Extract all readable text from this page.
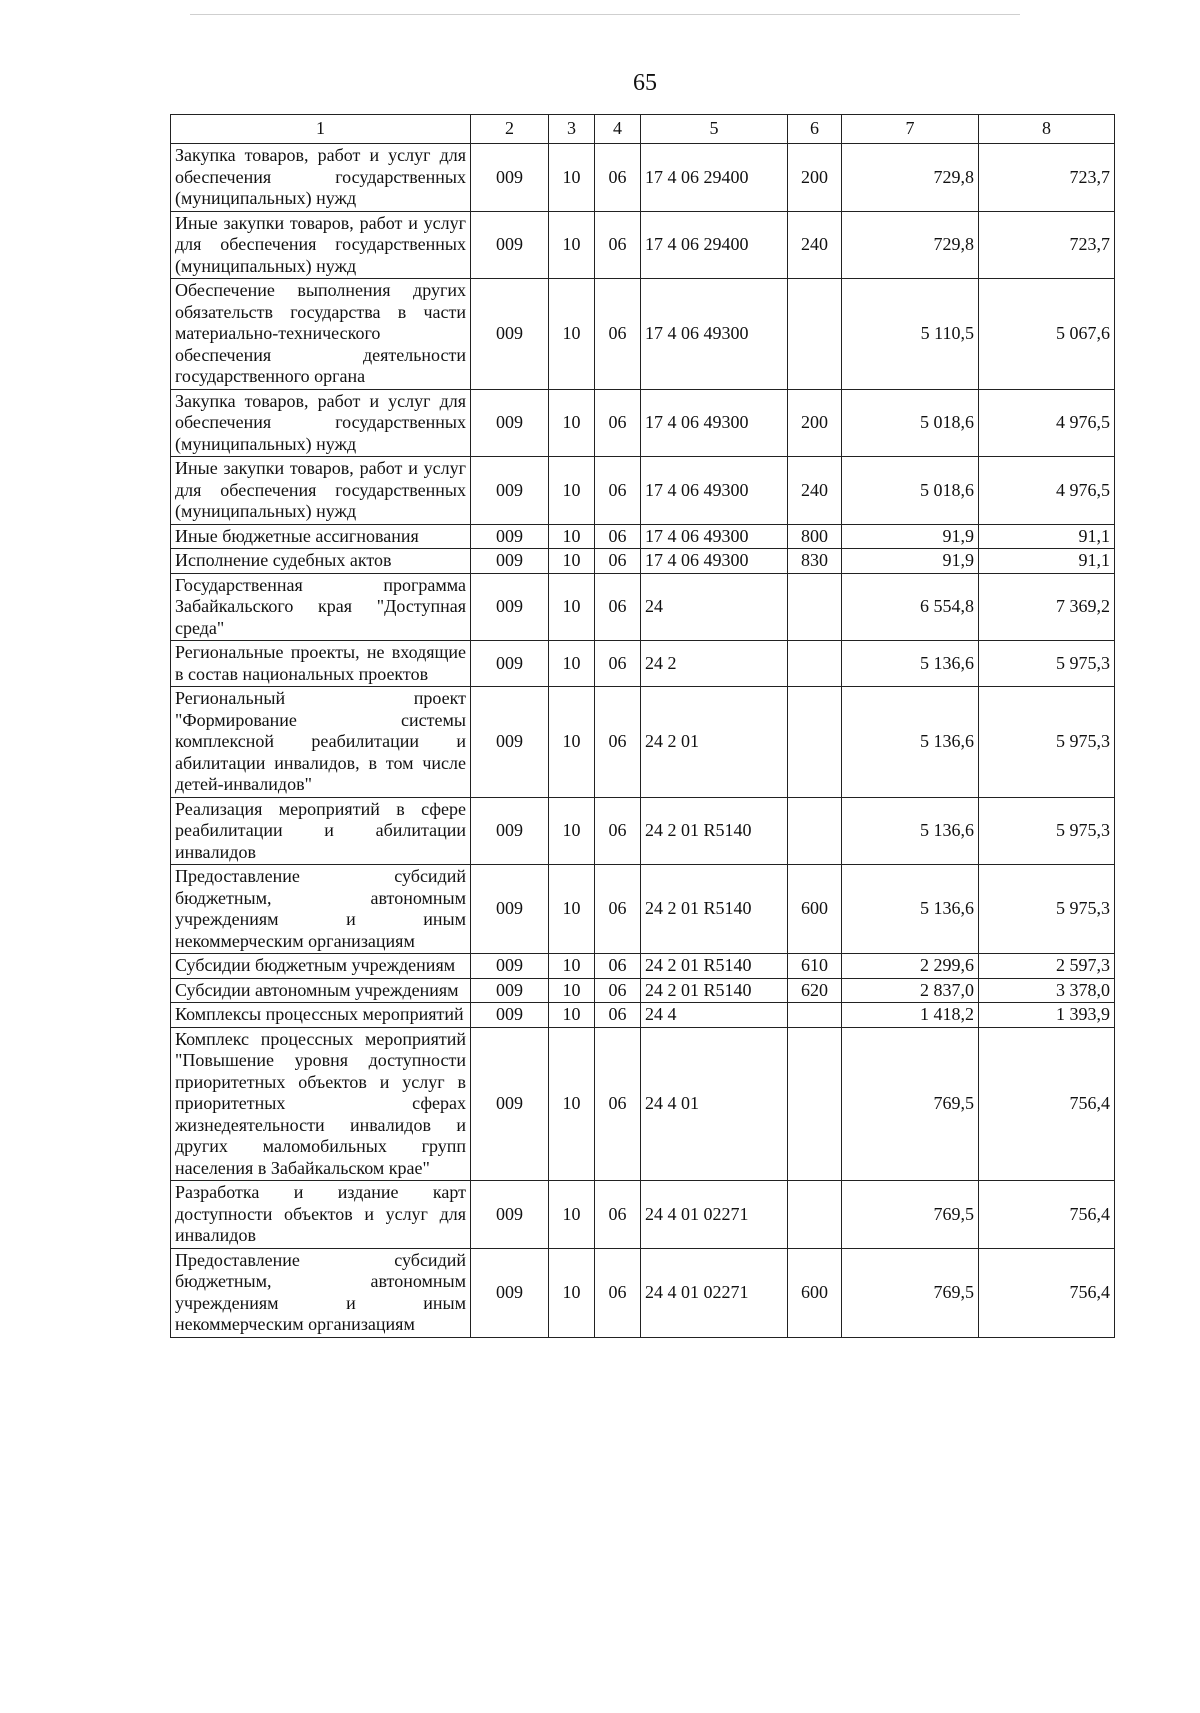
65
1	2	3	4	5	6	7	8
Закупка товаров, работ и услуг для обеспечения государственных (муниципальных) нужд	009	10	06	17 4 06 29400	200	729,8	723,7
Иные закупки товаров, работ и услуг для обеспечения государственных (муниципальных) нужд	009	10	06	17 4 06 29400	240	729,8	723,7
Обеспечение выполнения других обязательств государства в части материально-технического обеспечения деятельности государственного органа	009	10	06	17 4 06 49300		5 110,5	5 067,6
Закупка товаров, работ и услуг для обеспечения государственных (муниципальных) нужд	009	10	06	17 4 06 49300	200	5 018,6	4 976,5
Иные закупки товаров, работ и услуг для обеспечения государственных (муниципальных) нужд	009	10	06	17 4 06 49300	240	5 018,6	4 976,5
Иные бюджетные ассигнования	009	10	06	17 4 06 49300	800	91,9	91,1
Исполнение судебных актов	009	10	06	17 4 06 49300	830	91,9	91,1
Государственная программа Забайкальского края "Доступная среда"	009	10	06	24		6 554,8	7 369,2
Региональные проекты, не входящие в состав национальных проектов	009	10	06	24 2		5 136,6	5 975,3
Региональный проект "Формирование системы комплексной реабилитации и абилитации инвалидов, в том числе детей-инвалидов"	009	10	06	24 2 01		5 136,6	5 975,3
Реализация мероприятий в сфере реабилитации и абилитации инвалидов	009	10	06	24 2 01 R5140		5 136,6	5 975,3
Предоставление субсидий бюджетным, автономным учреждениям и иным некоммерческим организациям	009	10	06	24 2 01 R5140	600	5 136,6	5 975,3
Субсидии бюджетным учреждениям	009	10	06	24 2 01 R5140	610	2 299,6	2 597,3
Субсидии автономным учреждениям	009	10	06	24 2 01 R5140	620	2 837,0	3 378,0
Комплексы процессных мероприятий	009	10	06	24 4		1 418,2	1 393,9
Комплекс процессных мероприятий "Повышение уровня доступности приоритетных объектов и услуг в приоритетных сферах жизнедеятельности инвалидов и других маломобильных групп населения в Забайкальском крае"	009	10	06	24 4 01		769,5	756,4
Разработка и издание карт доступности объектов и услуг для инвалидов	009	10	06	24 4 01 02271		769,5	756,4
Предоставление субсидий бюджетным, автономным учреждениям и иным некоммерческим организациям	009	10	06	24 4 01 02271	600	769,5	756,4
